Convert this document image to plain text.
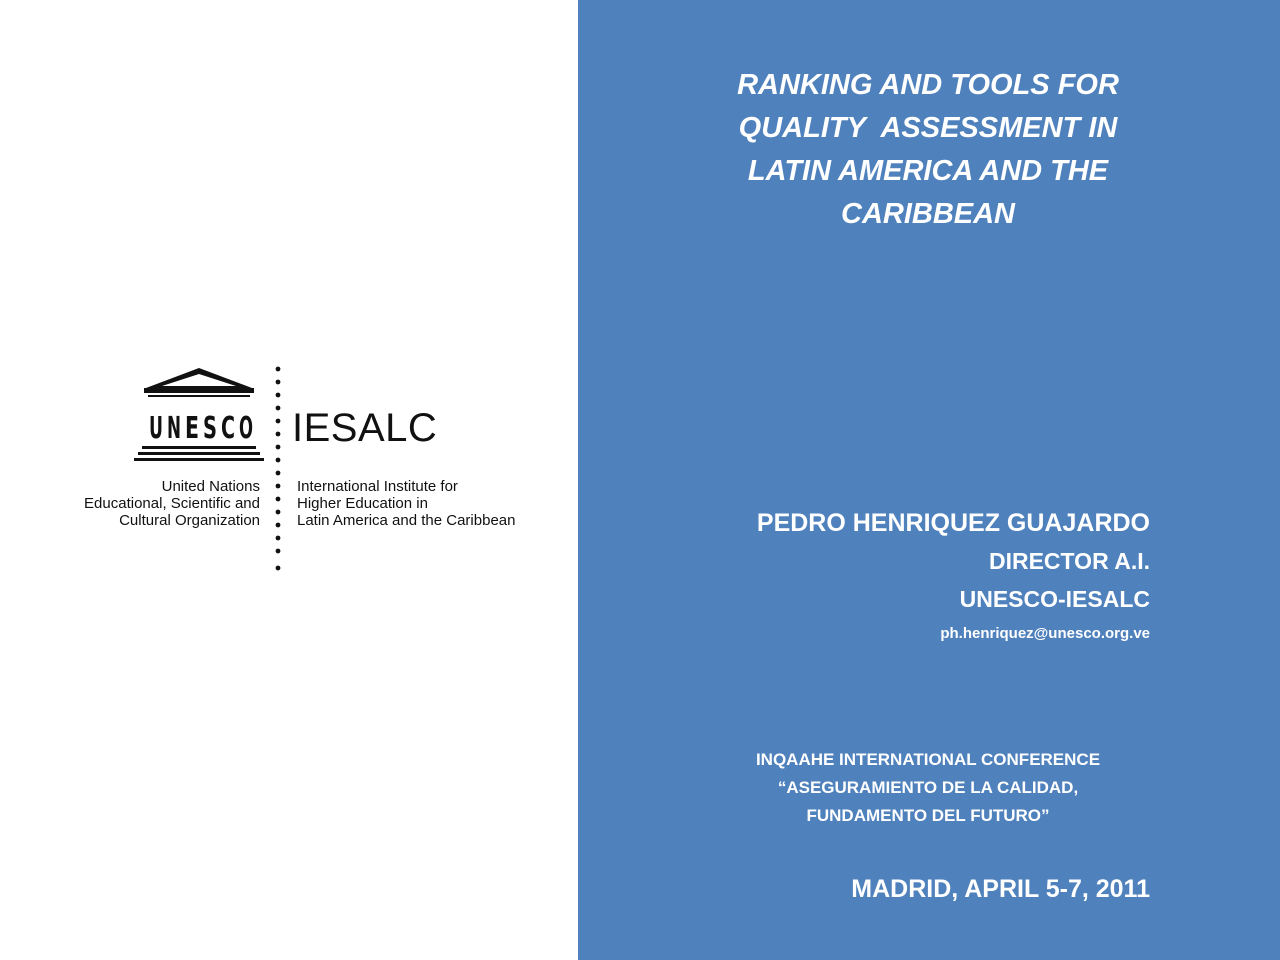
U N E S C O
United Nations
Educational, Scientific and
Cultural Organization
IESALC
International Institute for
Higher Education in
Latin America and the Caribbean
RANKING AND TOOLS FOR
QUALITY  ASSESSMENT IN
LATIN AMERICA AND THE
CARIBBEAN
PEDRO HENRIQUEZ GUAJARDO
DIRECTOR A.I.
UNESCO-IESALC
ph.henriquez@unesco.org.ve
INQAAHE INTERNATIONAL CONFERENCE
“ASEGURAMIENTO DE LA CALIDAD,
FUNDAMENTO DEL FUTURO”
MADRID, APRIL 5-7, 2011
